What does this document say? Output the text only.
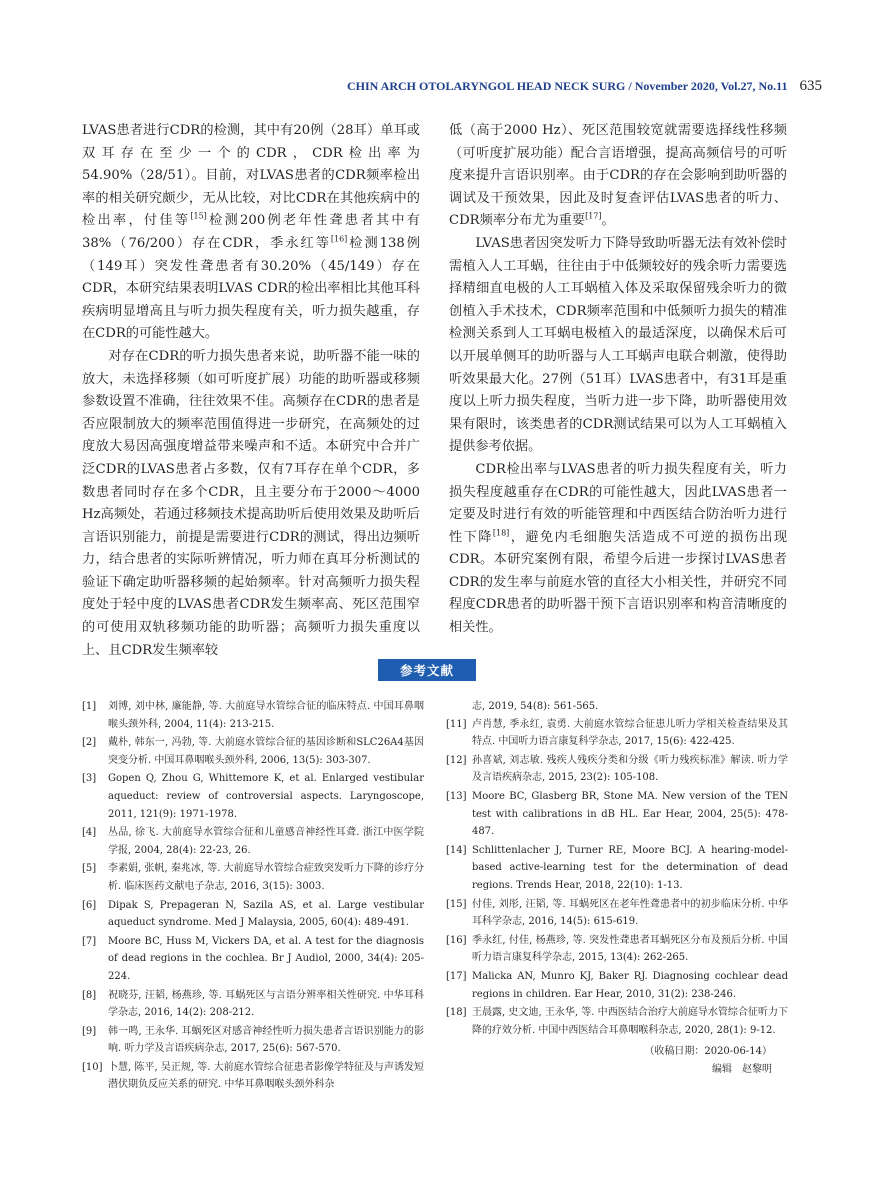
CHIN ARCH OTOLARYNGOL HEAD NECK SURG / November 2020, Vol.27, No.11 635

LVAS患者进行CDR的检测，其中有20例（28耳）单耳或双耳存在至少一个的CDR，CDR检出率为54.90%（28/51）。目前，对LVAS患者的CDR频率检出率的相关研究颇少，无从比较，对比CDR在其他疾病中的检出率，付佳等[15]检测200例老年性聋患者其中有38%（76/200）存在CDR，季永红等[16]检测138例（149耳）突发性聋患者有30.20%（45/149）存在CDR，本研究结果表明LVAS CDR的检出率相比其他耳科疾病明显增高且与听力损失程度有关，听力损失越重，存在CDR的可能性越大。

对存在CDR的听力损失患者来说，助听器不能一味的放大，未选择移频（如可听度扩展）功能的助听器或移频参数设置不准确，往往效果不佳。高频存在CDR的患者是否应限制放大的频率范围值得进一步研究，在高频处的过度放大易因高强度增益带来噪声和不适。本研究中合并广泛CDR的LVAS患者占多数，仅有7耳存在单个CDR，多数患者同时存在多个CDR，且主要分布于2000～4000 Hz高频处，若通过移频技术提高助听后使用效果及助听后言语识别能力，前提是需要进行CDR的测试，得出边频听力，结合患者的实际听辨情况，听力师在真耳分析测试的验证下确定助听器移频的起始频率。针对高频听力损失程度处于轻中度的LVAS患者CDR发生频率高、死区范围窄的可使用双轨移频功能的助听器；高频听力损失重度以上、且CDR发生频率较

低（高于2000 Hz）、死区范围较宽就需要选择线性移频（可听度扩展功能）配合言语增强，提高高频信号的可听度来提升言语识别率。由于CDR的存在会影响到助听器的调试及干预效果，因此及时复查评估LVAS患者的听力、CDR频率分布尤为重要[17]。

LVAS患者因突发听力下降导致助听器无法有效补偿时需植入人工耳蜗，往往由于中低频较好的残余听力需要选择精细直电极的人工耳蜗植入体及采取保留残余听力的微创植入手术技术，CDR频率范围和中低频听力损失的精准检测关系到人工耳蜗电极植入的最适深度，以确保术后可以开展单侧耳的助听器与人工耳蜗声电联合刺激，使得助听效果最大化。27例（51耳）LVAS患者中，有31耳是重度以上听力损失程度，当听力进一步下降，助听器使用效果有限时，该类患者的CDR测试结果可以为人工耳蜗植入提供参考依据。

CDR检出率与LVAS患者的听力损失程度有关，听力损失程度越重存在CDR的可能性越大，因此LVAS患者一定要及时进行有效的听能管理和中西医结合防治听力进行性下降[18]，避免内毛细胞失活造成不可逆的损伤出现CDR。本研究案例有限，希望今后进一步探讨LVAS患者CDR的发生率与前庭水管的直径大小相关性，并研究不同程度CDR患者的助听器干预下言语识别率和构音清晰度的相关性。

参考文献
[1]	刘博, 刘中林, 廉能静, 等. 大前庭导水管综合征的临床特点. 中国耳鼻咽喉头颈外科, 2004, 11(4): 213-215.
[2]	戴朴, 韩东一, 冯勃, 等. 大前庭水管综合征的基因诊断和SLC26A4基因突变分析. 中国耳鼻咽喉头颈外科, 2006, 13(5): 303-307.
[3]	Gopen Q, Zhou G, Whittemore K, et al. Enlarged vestibular aqueduct: review of controversial aspects. Laryngoscope, 2011, 121(9): 1971-1978.
[4]	丛品, 徐飞. 大前庭导水管综合征和儿童感音神经性耳聋. 浙江中医学院学报, 2004, 28(4): 22-23, 26.
[5]	李素娟, 张帆, 秦兆冰, 等. 大前庭导水管综合症致突发听力下降的诊疗分析. 临床医药文献电子杂志, 2016, 3(15): 3003.
[6]	Dipak S, Prepageran N, Sazila AS, et al. Large vestibular aqueduct syndrome. Med J Malaysia, 2005, 60(4): 489-491.
[7]	Moore BC, Huss M, Vickers DA, et al. A test for the diagnosis of dead regions in the cochlea. Br J Audiol, 2000, 34(4): 205-224.
[8]	祝晓芬, 汪韬, 杨燕珍, 等. 耳蜗死区与言语分辨率相关性研究. 中华耳科学杂志, 2016, 14(2): 208-212.
[9]	韩一鸣, 王永华. 耳蜗死区对感音神经性听力损失患者言语识别能力的影响. 听力学及言语疾病杂志, 2017, 25(6): 567-570.
[10] 卜慧, 陈平, 吴正规, 等. 大前庭水管综合征患者影像学特征及与声诱发短潜伏期负反应关系的研究. 中华耳鼻咽喉头颈外科杂
志, 2019, 54(8): 561-565.
[11] 卢肖慧, 季永红, 袁勇. 大前庭水管综合征患儿听力学相关检查结果及其特点. 中国听力语言康复科学杂志, 2017, 15(6): 422-425.
[12] 孙喜斌, 刘志敏. 残疾人残疾分类和分级《听力残疾标准》解读. 听力学及言语疾病杂志, 2015, 23(2): 105-108.
[13] Moore BC, Glasberg BR, Stone MA. New version of the TEN test with calibrations in dB HL. Ear Hear, 2004, 25(5): 478-487.
[14] Schlittenlacher J, Turner RE, Moore BCJ. A hearing-model-based active-learning test for the determination of dead regions. Trends Hear, 2018, 22(10): 1-13.
[15] 付佳, 刘彤, 汪韬, 等. 耳蜗死区在老年性聋患者中的初步临床分析. 中华耳科学杂志, 2016, 14(5): 615-619.
[16] 季永红, 付佳, 杨燕珍, 等. 突发性聋患者耳蜗死区分布及预后分析. 中国听力语言康复科学杂志, 2015, 13(4): 262-265.
[17] Malicka AN, Munro KJ, Baker RJ. Diagnosing cochlear dead regions in children. Ear Hear, 2010, 31(2): 238-246.
[18] 王晨露, 史文迪, 王永华, 等. 中西医结合治疗大前庭导水管综合征听力下降的疗效分析. 中国中西医结合耳鼻咽喉科杂志, 2020, 28(1): 9-12.
（收稿日期：2020-06-14）
编辑　赵黎明
